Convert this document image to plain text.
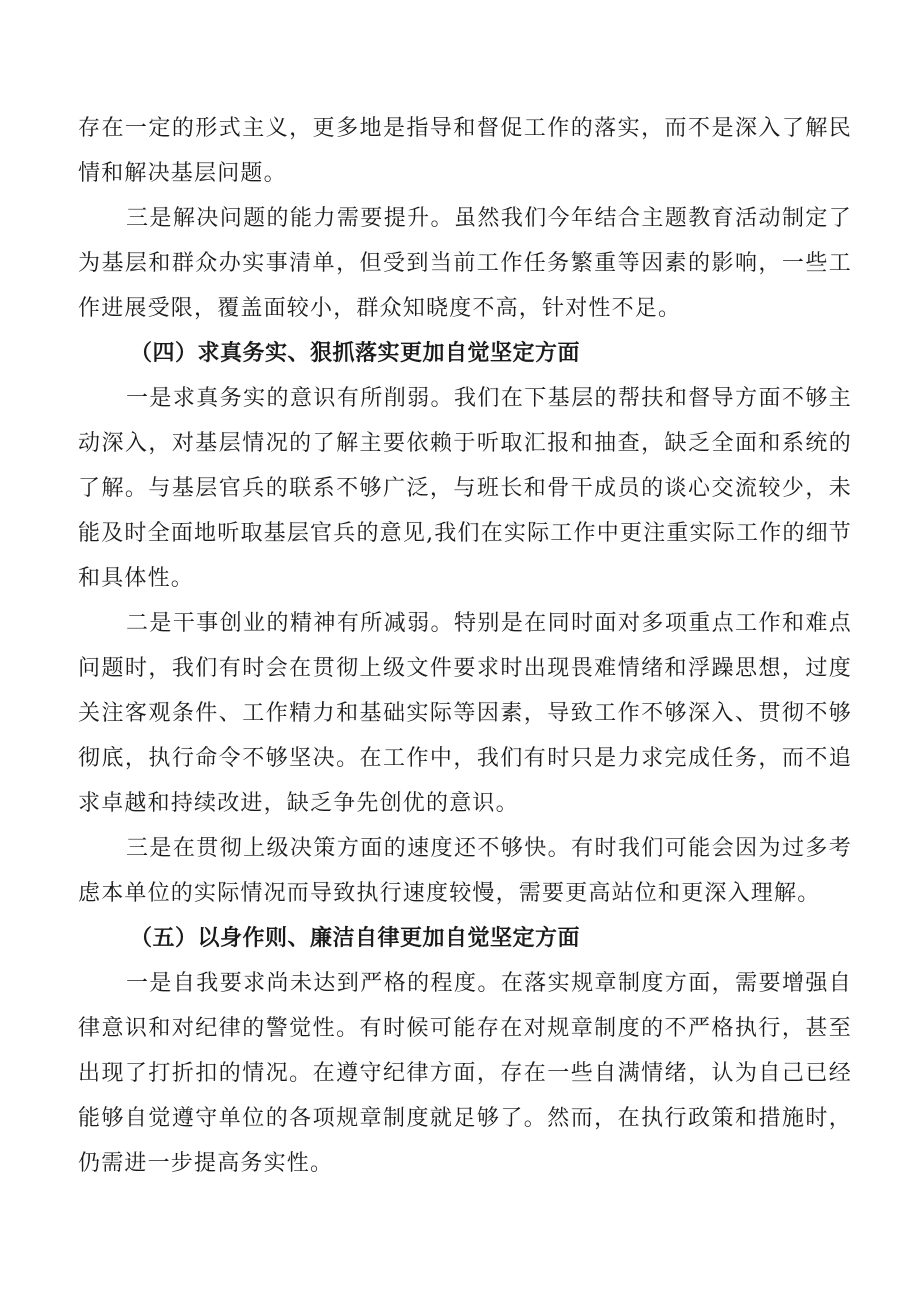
存在一定的形式主义，更多地是指导和督促工作的落实，而不是深入了解民情和解决基层问题。

三是解决问题的能力需要提升。虽然我们今年结合主题教育活动制定了为基层和群众办实事清单，但受到当前工作任务繁重等因素的影响，一些工作进展受限，覆盖面较小，群众知晓度不高，针对性不足。

（四）求真务实、狠抓落实更加自觉坚定方面

一是求真务实的意识有所削弱。我们在下基层的帮扶和督导方面不够主动深入，对基层情况的了解主要依赖于听取汇报和抽查，缺乏全面和系统的了解。与基层官兵的联系不够广泛，与班长和骨干成员的谈心交流较少，未能及时全面地听取基层官兵的意见,我们在实际工作中更注重实际工作的细节和具体性。

二是干事创业的精神有所减弱。特别是在同时面对多项重点工作和难点问题时，我们有时会在贯彻上级文件要求时出现畏难情绪和浮躁思想，过度关注客观条件、工作精力和基础实际等因素，导致工作不够深入、贯彻不够彻底，执行命令不够坚决。在工作中，我们有时只是力求完成任务，而不追求卓越和持续改进，缺乏争先创优的意识。

三是在贯彻上级决策方面的速度还不够快。有时我们可能会因为过多考虑本单位的实际情况而导致执行速度较慢，需要更高站位和更深入理解。

（五）以身作则、廉洁自律更加自觉坚定方面

一是自我要求尚未达到严格的程度。在落实规章制度方面，需要增强自律意识和对纪律的警觉性。有时候可能存在对规章制度的不严格执行，甚至出现了打折扣的情况。在遵守纪律方面，存在一些自满情绪，认为自己已经能够自觉遵守单位的各项规章制度就足够了。然而，在执行政策和措施时，仍需进一步提高务实性。
